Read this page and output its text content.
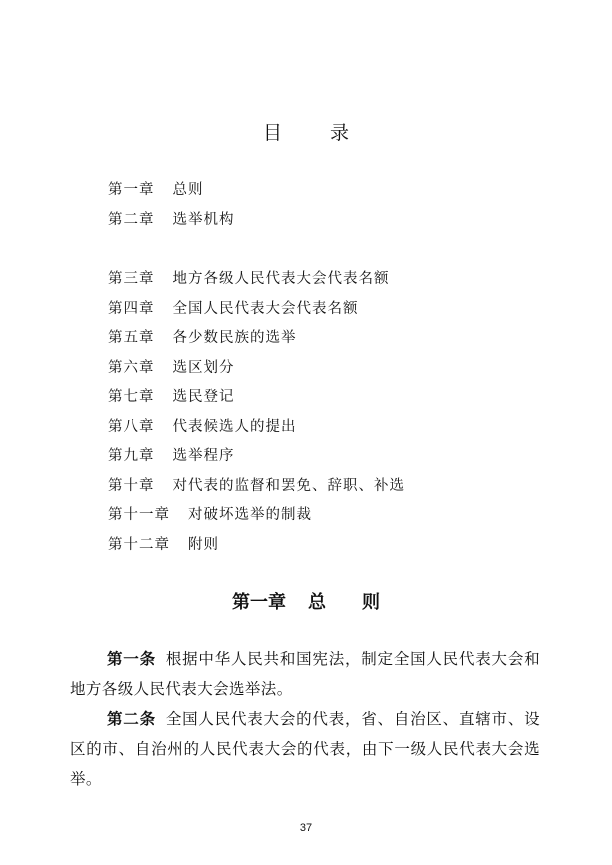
目	录
第一章 总则
第二章 选举机构
第三章 地方各级人民代表大会代表名额
第四章 全国人民代表大会代表名额
第五章 各少数民族的选举
第六章 选区划分
第七章 选民登记
第八章 代表候选人的提出
第九章 选举程序
第十章 对代表的监督和罢免、辞职、补选
第十一章 对破坏选举的制裁
第十二章 附则
第一章 总 则

第一条 根据中华人民共和国宪法，制定全国人民代表大会和地方各级人民代表大会选举法。

第二条 全国人民代表大会的代表，省、自治区、直辖市、设区的市、自治州的人民代表大会的代表，由下一级人民代表大会选举。

37
